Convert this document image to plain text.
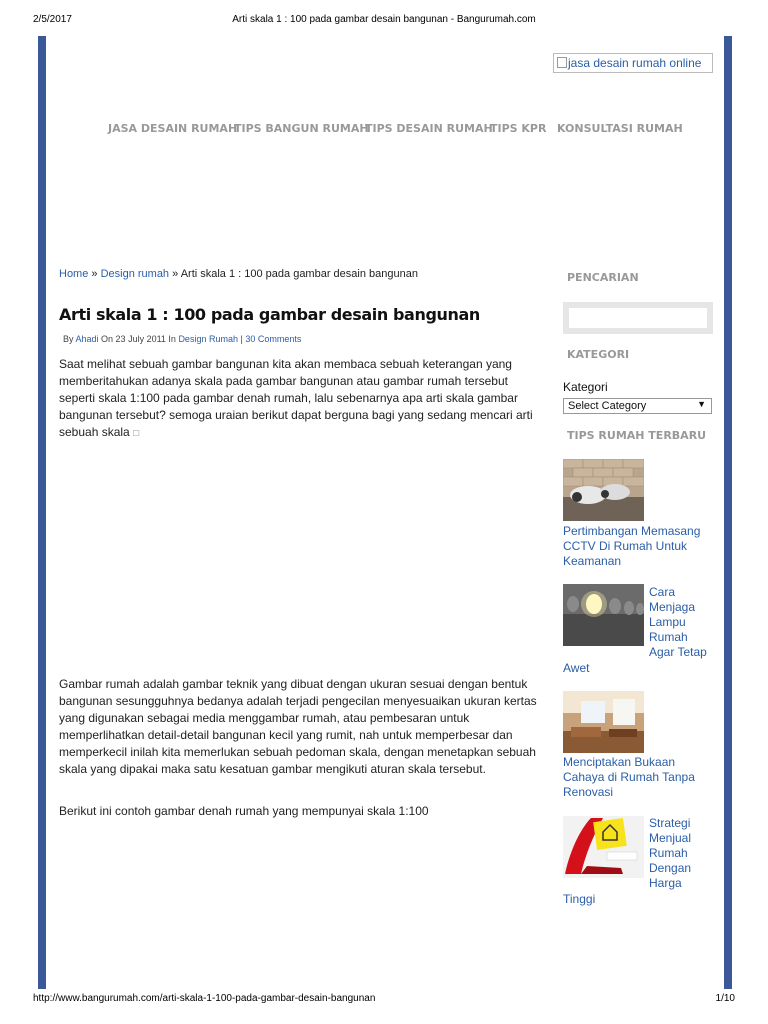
2/5/2017	Arti skala 1 : 100 pada gambar desain bangunan - Bangurumah.com
http://www.bangurumah.com/arti-skala-1-100-pada-gambar-desain-bangunan	1/10
jasa desain rumah online
JASA DESAIN RUMAH
TIPS BANGUN RUMAH
TIPS DESAIN RUMAH
TIPS KPR KONSULTASI RUMAH
Home » Design rumah » Arti skala 1 : 100 pada gambar desain bangunan
Arti skala 1 : 100 pada gambar desain bangunan
By Ahadi On 23 July 2011 In Design Rumah | 30 Comments

Saat melihat sebuah gambar bangunan kita akan membaca sebuah keterangan yang memberitahukan adanya skala pada gambar bangunan atau gambar rumah tersebut seperti skala 1:100 pada gambar denah rumah, lalu sebenarnya apa arti skala gambar bangunan tersebut? semoga uraian berikut dapat berguna bagi yang sedang mencari arti sebuah skala □

Gambar rumah adalah gambar teknik yang dibuat dengan ukuran sesuai dengan bentuk bangunan sesungguhnya bedanya adalah terjadi pengecilan menyesuaikan ukuran kertas yang digunakan sebagai media menggambar rumah, atau pembesaran untuk memperlihatkan detail-detail bangunan kecil yang rumit, nah untuk memperbesar dan memperkecil inilah kita memerlukan sebuah pedoman skala, dengan menetapkan sebuah skala yang dipakai maka satu kesatuan gambar mengikuti aturan skala tersebut.

Berikut ini contoh gambar denah rumah yang mempunyai skala 1:100

PENCARIAN
KATEGORI
Kategori
Select Category	▼
TIPS RUMAH TERBARU
Pertimbangan Memasang CCTV Di Rumah Untuk Keamanan
Cara Menjaga Lampu Rumah Agar Tetap
Awet
Menciptakan Bukaan Cahaya di Rumah Tanpa Renovasi
Strategi Menjual Rumah Dengan Harga
Tinggi
